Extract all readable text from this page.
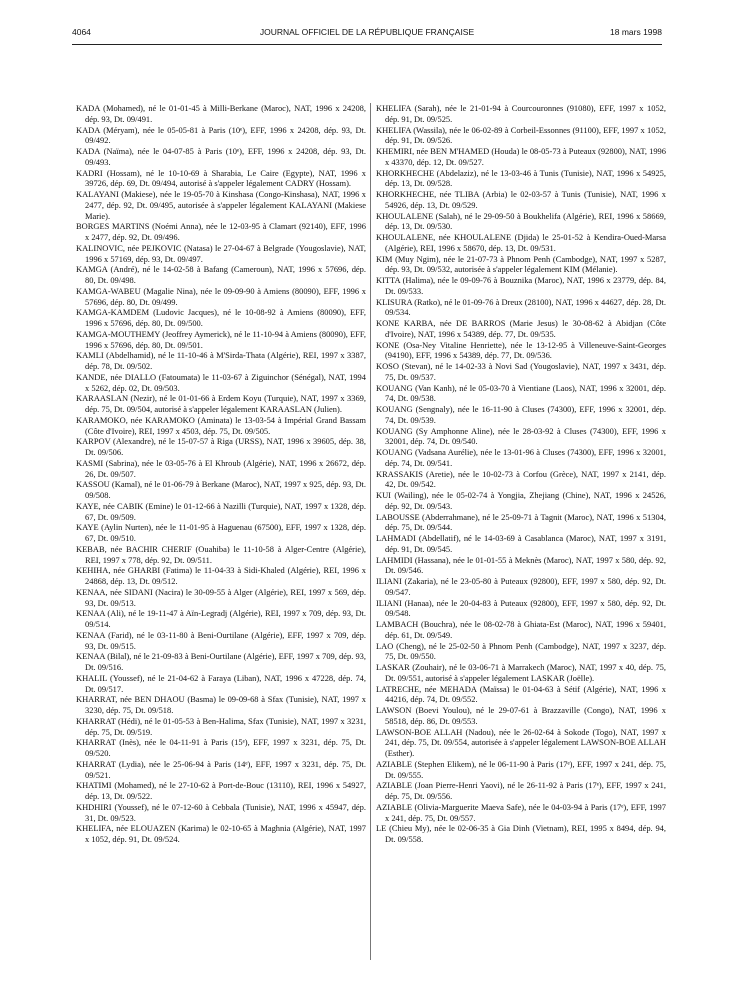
4064	JOURNAL OFFICIEL DE LA RÉPUBLIQUE FRANÇAISE	18 mars 1998

KADA (Mohamed), né le 01-01-45 à Milli-Berkane (Maroc), NAT, 1996 x 24208, dép. 93, Dt. 09/491.

KADA (Méryam), née le 05-05-81 à Paris (10ᵉ), EFF, 1996 x 24208, dép. 93, Dt. 09/492.

KADA (Naïma), née le 04-07-85 à Paris (10ᵉ), EFF, 1996 x 24208, dép. 93, Dt. 09/493.

KADRI (Hossam), né le 10-10-69 à Sharabia, Le Caire (Egypte), NAT, 1996 x 39726, dép. 69, Dt. 09/494, autorisé à s'appeler légalement CADRY (Hossam).

KALAYANI (Makiese), née le 19-05-70 à Kinshasa (Congo-Kinshasa), NAT, 1996 x 2477, dép. 92, Dt. 09/495, autorisée à s'appeler légalement KALAYANI (Makiese Marie).

BORGES MARTINS (Noémi Anna), née le 12-03-95 à Clamart (92140), EFF, 1996 x 2477, dép. 92, Dt. 09/496.

KALINOVIC, née PEJKOVIC (Natasa) le 27-04-67 à Belgrade (Yougoslavie), NAT, 1996 x 57169, dép. 93, Dt. 09/497.

KAMGA (André), né le 14-02-58 à Bafang (Cameroun), NAT, 1996 x 57696, dép. 80, Dt. 09/498.

KAMGA-WABEU (Magalie Nina), née le 09-09-90 à Amiens (80090), EFF, 1996 x 57696, dép. 80, Dt. 09/499.

KAMGA-KAMDEM (Ludovic Jacques), né le 10-08-92 à Amiens (80090), EFF, 1996 x 57696, dép. 80, Dt. 09/500.

KAMGA-MOUTHEMY (Jeoffrey Aymerick), né le 11-10-94 à Amiens (80090), EFF, 1996 x 57696, dép. 80, Dt. 09/501.

KAMLI (Abdelhamid), né le 11-10-46 à M'Sirda-Thata (Algérie), REI, 1997 x 3387, dép. 78, Dt. 09/502.

KANDE, née DIALLO (Fatoumata) le 11-03-67 à Ziguinchor (Sénégal), NAT, 1994 x 5262, dép. 02, Dt. 09/503.

KARAASLAN (Nezir), né le 01-01-66 à Erdem Koyu (Turquie), NAT, 1997 x 3369, dép. 75, Dt. 09/504, autorisé à s'appeler légalement KARAASLAN (Julien).

KARAMOKO, née KARAMOKO (Aminata) le 13-03-54 à Impérial Grand Bassam (Côte d'Ivoire), REI, 1997 x 4503, dép. 75, Dt. 09/505.

KARPOV (Alexandre), né le 15-07-57 à Riga (URSS), NAT, 1996 x 39605, dép. 38, Dt. 09/506.

KASMI (Sabrina), née le 03-05-76 à El Khroub (Algérie), NAT, 1996 x 26672, dép. 26, Dt. 09/507.

KASSOU (Kamal), né le 01-06-79 à Berkane (Maroc), NAT, 1997 x 925, dép. 93, Dt. 09/508.

KAYE, née CABIK (Emine) le 01-12-66 à Nazilli (Turquie), NAT, 1997 x 1328, dép. 67, Dt. 09/509.

KAYE (Aylin Nurten), née le 11-01-95 à Haguenau (67500), EFF, 1997 x 1328, dép. 67, Dt. 09/510.

KEBAB, née BACHIR CHERIF (Ouahiba) le 11-10-58 à Alger-Centre (Algérie), REI, 1997 x 778, dép. 92, Dt. 09/511.

KEHIHA, née GHARBI (Fatima) le 11-04-33 à Sidi-Khaled (Algérie), REI, 1996 x 24868, dép. 13, Dt. 09/512.

KENAA, née SIDANI (Nacira) le 30-09-55 à Alger (Algérie), REI, 1997 x 569, dép. 93, Dt. 09/513.

KENAA (Ali), né le 19-11-47 à Aïn-Legradj (Algérie), REI, 1997 x 709, dép. 93, Dt. 09/514.

KENAA (Farid), né le 03-11-80 à Beni-Ourtilane (Algérie), EFF, 1997 x 709, dép. 93, Dt. 09/515.

KENAA (Bilal), né le 21-09-83 à Beni-Ourtilane (Algérie), EFF, 1997 x 709, dép. 93, Dt. 09/516.

KHALIL (Youssef), né le 21-04-62 à Faraya (Liban), NAT, 1996 x 47228, dép. 74, Dt. 09/517.

KHARRAT, née BEN DHAOU (Basma) le 09-09-68 à Sfax (Tunisie), NAT, 1997 x 3230, dép. 75, Dt. 09/518.

KHARRAT (Hédi), né le 01-05-53 à Ben-Halima, Sfax (Tunisie), NAT, 1997 x 3231, dép. 75, Dt. 09/519.

KHARRAT (Inès), née le 04-11-91 à Paris (15ᵉ), EFF, 1997 x 3231, dép. 75, Dt. 09/520.

KHARRAT (Lydia), née le 25-06-94 à Paris (14ᵉ), EFF, 1997 x 3231, dép. 75, Dt. 09/521.

KHATIMI (Mohamed), né le 27-10-62 à Port-de-Bouc (13110), REI, 1996 x 54927, dép. 13, Dt. 09/522.

KHDHIRI (Youssef), né le 07-12-60 à Cebbala (Tunisie), NAT, 1996 x 45947, dép. 31, Dt. 09/523.

KHELIFA, née ELOUAZEN (Karima) le 02-10-65 à Maghnia (Algérie), NAT, 1997 x 1052, dép. 91, Dt. 09/524.

KHELIFA (Sarah), née le 21-01-94 à Courcouronnes (91080), EFF, 1997 x 1052, dép. 91, Dt. 09/525.

KHELIFA (Wassila), née le 06-02-89 à Corbeil-Essonnes (91100), EFF, 1997 x 1052, dép. 91, Dt. 09/526.

KHEMIRI, née BEN M'HAMED (Houda) le 08-05-73 à Puteaux (92800), NAT, 1996 x 43370, dép. 12, Dt. 09/527.

KHORKHECHE (Abdelaziz), né le 13-03-46 à Tunis (Tunisie), NAT, 1996 x 54925, dép. 13, Dt. 09/528.

KHORKHECHE, née TLIBA (Arbia) le 02-03-57 à Tunis (Tunisie), NAT, 1996 x 54926, dép. 13, Dt. 09/529.

KHOULALENE (Salah), né le 29-09-50 à Boukhelifa (Algérie), REI, 1996 x 58669, dép. 13, Dt. 09/530.

KHOULALENE, née KHOULALENE (Djida) le 25-01-52 à Kendira-Oued-Marsa (Algérie), REI, 1996 x 58670, dép. 13, Dt. 09/531.

KIM (Muy Ngim), née le 21-07-73 à Phnom Penh (Cambodge), NAT, 1997 x 5287, dép. 93, Dt. 09/532, autorisée à s'appeler légalement KIM (Mélanie).

KITTA (Halima), née le 09-09-76 à Bouznika (Maroc), NAT, 1996 x 23779, dép. 84, Dt. 09/533.

KLISURA (Ratko), né le 01-09-76 à Dreux (28100), NAT, 1996 x 44627, dép. 28, Dt. 09/534.

KONE KARBA, née DE BARROS (Marie Jesus) le 30-08-62 à Abidjan (Côte d'Ivoire), NAT, 1996 x 54389, dép. 77, Dt. 09/535.

KONE (Osa-Ney Vitaline Henriette), née le 13-12-95 à Villeneuve-Saint-Georges (94190), EFF, 1996 x 54389, dép. 77, Dt. 09/536.

KOSO (Stevan), né le 14-02-33 à Novi Sad (Yougoslavie), NAT, 1997 x 3431, dép. 75, Dt. 09/537.

KOUANG (Van Kanh), né le 05-03-70 à Vientiane (Laos), NAT, 1996 x 32001, dép. 74, Dt. 09/538.

KOUANG (Sengnaly), née le 16-11-90 à Cluses (74300), EFF, 1996 x 32001, dép. 74, Dt. 09/539.

KOUANG (Sy Amphonne Aline), née le 28-03-92 à Cluses (74300), EFF, 1996 x 32001, dép. 74, Dt. 09/540.

KOUANG (Vadsana Aurélie), née le 13-01-96 à Cluses (74300), EFF, 1996 x 32001, dép. 74, Dt. 09/541.

KRASSAKIS (Aretie), née le 10-02-73 à Corfou (Grèce), NAT, 1997 x 2141, dép. 42, Dt. 09/542.

KUI (Wailing), née le 05-02-74 à Yongjia, Zhejiang (Chine), NAT, 1996 x 24526, dép. 92, Dt. 09/543.

LABOUSSE (Abderrahmane), né le 25-09-71 à Tagnit (Maroc), NAT, 1996 x 51304, dép. 75, Dt. 09/544.

LAHMADI (Abdellatif), né le 14-03-69 à Casablanca (Maroc), NAT, 1997 x 3191, dép. 91, Dt. 09/545.

LAHMIDI (Hassana), née le 01-01-55 à Meknès (Maroc), NAT, 1997 x 580, dép. 92, Dt. 09/546.

ILIANI (Zakaria), né le 23-05-80 à Puteaux (92800), EFF, 1997 x 580, dép. 92, Dt. 09/547.

ILIANI (Hanaa), née le 20-04-83 à Puteaux (92800), EFF, 1997 x 580, dép. 92, Dt. 09/548.

LAMBACH (Bouchra), née le 08-02-78 à Ghiata-Est (Maroc), NAT, 1996 x 59401, dép. 61, Dt. 09/549.

LAO (Cheng), né le 25-02-50 à Phnom Penh (Cambodge), NAT, 1997 x 3237, dép. 75, Dt. 09/550.

LASKAR (Zouhair), né le 03-06-71 à Marrakech (Maroc), NAT, 1997 x 40, dép. 75, Dt. 09/551, autorisé à s'appeler légalement LASKAR (Joëlle).

LATRECHE, née MEHADA (Maïssa) le 01-04-63 à Sétif (Algérie), NAT, 1996 x 44216, dép. 74, Dt. 09/552.

LAWSON (Boevi Youlou), né le 29-07-61 à Brazzaville (Congo), NAT, 1996 x 58518, dép. 86, Dt. 09/553.

LAWSON-BOE ALLAH (Nadou), née le 26-02-64 à Sokode (Togo), NAT, 1997 x 241, dép. 75, Dt. 09/554, autorisée à s'appeler légalement LAWSON-BOE ALLAH (Esther).

AZIABLE (Stephen Elikem), né le 06-11-90 à Paris (17ᵉ), EFF, 1997 x 241, dép. 75, Dt. 09/555.

AZIABLE (Joan Pierre-Henri Yaovi), né le 26-11-92 à Paris (17ᵉ), EFF, 1997 x 241, dép. 75, Dt. 09/556.

AZIABLE (Olivia-Marguerite Maeva Safe), née le 04-03-94 à Paris (17ᵉ), EFF, 1997 x 241, dép. 75, Dt. 09/557.

LE (Chieu My), née le 02-06-35 à Gia Dinh (Vietnam), REI, 1995 x 8494, dép. 94, Dt. 09/558.
